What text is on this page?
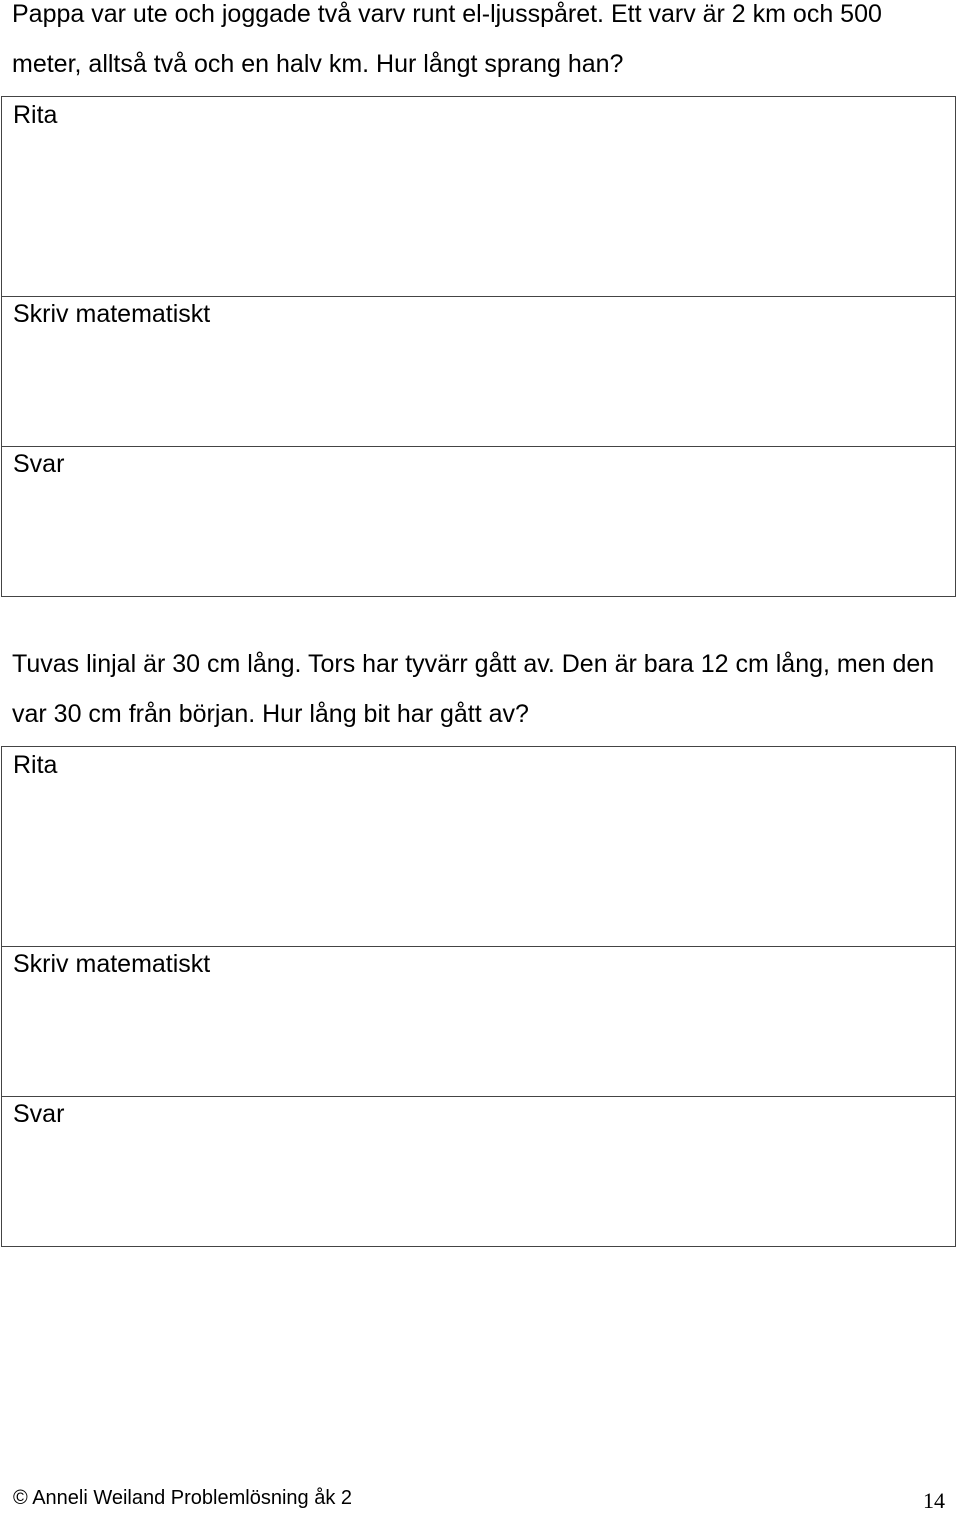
Pappa var ute och joggade två varv runt el-ljusspåret. Ett varv är 2 km och 500 meter, alltså två och en halv km. Hur långt sprang han?

Rita
Skriv matematiskt
Svar

Tuvas linjal är 30 cm lång. Tors har tyvärr gått av. Den är bara 12 cm lång, men den var 30 cm från början. Hur lång bit har gått av?

Rita
Skriv matematiskt
Svar
© Anneli Weiland Problemlösning åk 2	14
